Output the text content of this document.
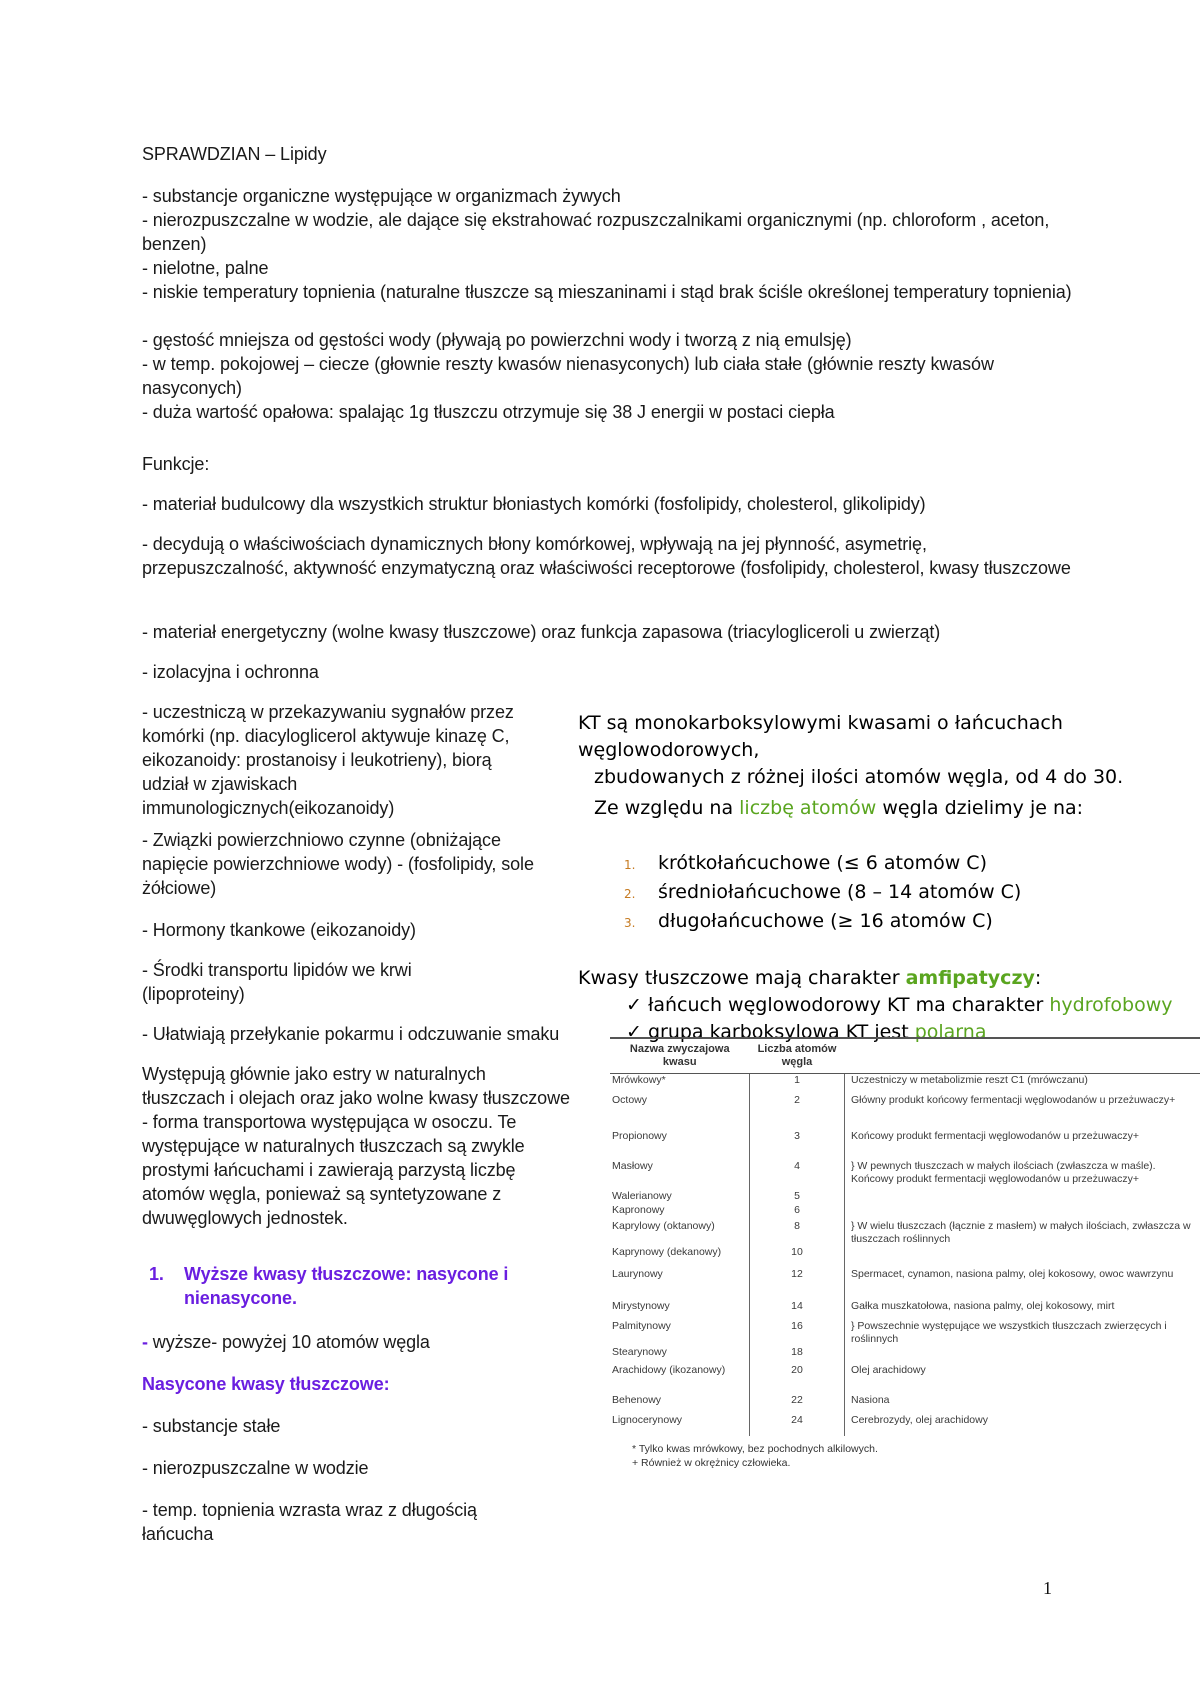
SPRAWDZIAN – Lipidy
- substancje organiczne występujące w organizmach żywych
- nierozpuszczalne w wodzie, ale dające się ekstrahować rozpuszczalnikami organicznymi (np. chloroform , aceton, benzen)
- nielotne, palne
- niskie temperatury topnienia (naturalne tłuszcze są mieszaninami i stąd brak ściśle określonej temperatury topnienia)
- gęstość mniejsza od gęstości wody (pływają po powierzchni wody i tworzą z nią emulsję)
- w temp. pokojowej – ciecze (głownie reszty kwasów nienasyconych) lub ciała stałe (głównie reszty kwasów nasyconych)
- duża wartość opałowa: spalając 1g tłuszczu otrzymuje się 38 J energii w postaci ciepła
Funkcje:
- materiał budulcowy dla wszystkich struktur błoniastych komórki (fosfolipidy, cholesterol, glikolipidy)
- decydują o właściwościach dynamicznych błony komórkowej, wpływają na jej płynność, asymetrię, przepuszczalność, aktywność enzymatyczną oraz właściwości receptorowe (fosfolipidy, cholesterol, kwasy tłuszczowe
- materiał energetyczny (wolne kwasy tłuszczowe) oraz funkcja zapasowa (triacylogliceroli u zwierząt)
- izolacyjna i ochronna
- uczestniczą w przekazywaniu sygnałów przez komórki (np. diacyloglicerol aktywuje kinazę C, eikozanoidy: prostanoisy i leukotrieny), biorą udział w zjawiskach immunologicznych(eikozanoidy)
- Związki powierzchniowo czynne (obniżające napięcie powierzchniowe wody) - (fosfolipidy, sole żółciowe)
- Hormony tkankowe (eikozanoidy)
- Środki transportu lipidów we krwi (lipoproteiny)
- Ułatwiają przełykanie pokarmu i odczuwanie smaku
Występują głównie jako estry w naturalnych tłuszczach i olejach oraz jako wolne kwasy tłuszczowe - forma transportowa występująca w osoczu. Te występujące w naturalnych tłuszczach są zwykle prostymi łańcuchami i zawierają parzystą liczbę atomów węgla, ponieważ są syntetyzowane z dwuwęglowych jednostek.
1.	Wyższe kwasy tłuszczowe: nasycone i nienasycone.
- wyższe- powyżej 10 atomów węgla
Nasycone kwasy tłuszczowe:
- substancje stałe
- nierozpuszczalne w wodzie
- temp. topnienia wzrasta wraz z długością łańcucha
KT są monokarboksylowymi kwasami o łańcuchach węglowodorowych,
zbudowanych z różnej ilości atomów węgla, od 4 do 30.
Ze względu na liczbę atomów węgla dzielimy je na:
1. krótkołańcuchowe (≤ 6 atomów C)
2. średniołańcuchowe (8 – 14 atomów C)
3. długołańcuchowe (≥ 16 atomów C)
Kwasy tłuszczowe mają charakter amfipatyczy:
✓ łańcuch węglowodorowy KT ma charakter hydrofobowy
✓ grupa karboksylowa KT jest polarna
Nazwa zwyczajowa kwasu	Liczba atomów węgla	
Mrówkowy*	1	Uczestniczy w metabolizmie reszt C1 (mrówczanu)
Octowy	2	Główny produkt końcowy fermentacji węglowodanów u przeżuwaczy+
Propionowy	3	Końcowy produkt fermentacji węglowodanów u przeżuwaczy+
Masłowy	4	} W pewnych tłuszczach w małych ilościach (zwłaszcza w maśle). Końcowy produkt fermentacji węglowodanów u przeżuwaczy+
Walerianowy	5	
Kapronowy	6	
Kaprylowy (oktanowy)	8	} W wielu tłuszczach (łącznie z masłem) w małych ilościach, zwłaszcza w tłuszczach roślinnych
Kaprynowy (dekanowy)	10	
Laurynowy	12	Spermacet, cynamon, nasiona palmy, olej kokosowy, owoc wawrzynu
Mirystynowy	14	Gałka muszkatołowa, nasiona palmy, olej kokosowy, mirt
Palmitynowy	16	} Powszechnie występujące we wszystkich tłuszczach zwierzęcych i roślinnych
Stearynowy	18	
Arachidowy (ikozanowy)	20	Olej arachidowy
Behenowy	22	Nasiona
Lignocerynowy	24	Cerebrozydy, olej arachidowy
* Tylko kwas mrówkowy, bez pochodnych alkilowych.
+ Również w okrężnicy człowieka.
1
